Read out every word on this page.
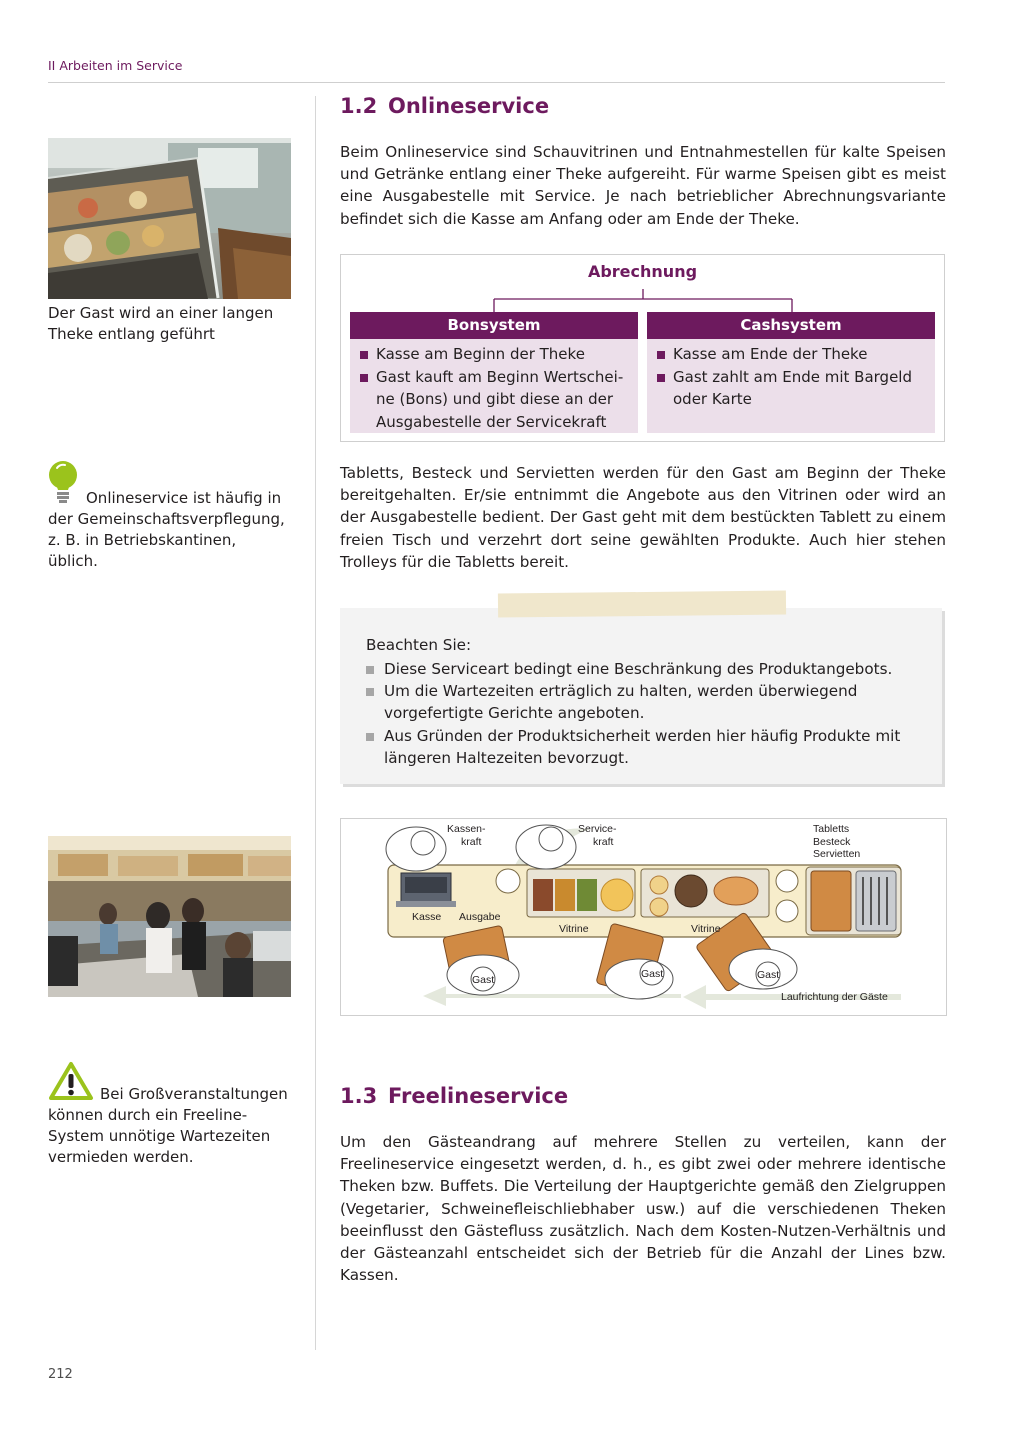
II Arbeiten im Service
Der Gast wird an einer langen Theke entlang geführt
Onlineservice ist häufig in der Gemeinschaftsverpflegung, z. B. in Betriebskantinen, üblich.
Bei Großveranstaltungen können durch ein Freeline-System unnötige Wartezeiten vermieden werden.
1.2 Onlineservice
Beim Onlineservice sind Schauvitrinen und Entnahmestellen für kalte Speisen und Getränke entlang einer Theke aufgereiht. Für warme Speisen gibt es meist eine Ausgabestelle mit Service. Je nach betrieblicher Abrechnungsvariante befindet sich die Kasse am Anfang oder am Ende der Theke.
Abrechnung
Bonsystem
Kasse am Beginn der Theke
Gast kauft am Beginn Wertschei-ne (Bons) und gibt diese an der Ausgabestelle der Servicekraft
Cashsystem
Kasse am Ende der Theke
Gast zahlt am Ende mit Bargeld oder Karte
Tabletts, Besteck und Servietten werden für den Gast am Beginn der Theke bereitgehalten. Er/sie entnimmt die Angebote aus den Vitrinen oder wird an der Ausgabestelle bedient. Der Gast geht mit dem bestückten Tablett zu einem freien Tisch und verzehrt dort seine gewählten Produkte. Auch hier stehen Trolleys für die Tabletts bereit.
Beachten Sie:
Diese Serviceart bedingt eine Beschränkung des Produktangebots.
Um die Wartezeiten erträglich zu halten, werden überwiegend vorgefertigte Gerichte angeboten.
Aus Gründen der Produktsicherheit werden hier häufig Produkte mit längeren Haltezeiten bevorzugt.
Kassen-
kraft
Service-
kraft
Tabletts
Besteck
Servietten
Kasse Ausgabe
Vitrine	Vitrine
Gast	Gast	Gast
Laufrichtung der Gäste
1.3 Freelineservice
Um den Gästeandrang auf mehrere Stellen zu verteilen, kann der Freelineservice eingesetzt werden, d. h., es gibt zwei oder mehrere identische Theken bzw. Buffets. Die Verteilung der Hauptgerichte gemäß den Zielgruppen (Vegetarier, Schweinefleischliebhaber usw.) auf die verschiedenen Theken beeinflusst den Gästefluss zusätzlich. Nach dem Kosten-Nutzen-Verhältnis und der Gästeanzahl entscheidet sich der Betrieb für die Anzahl der Lines bzw. Kassen.
212
